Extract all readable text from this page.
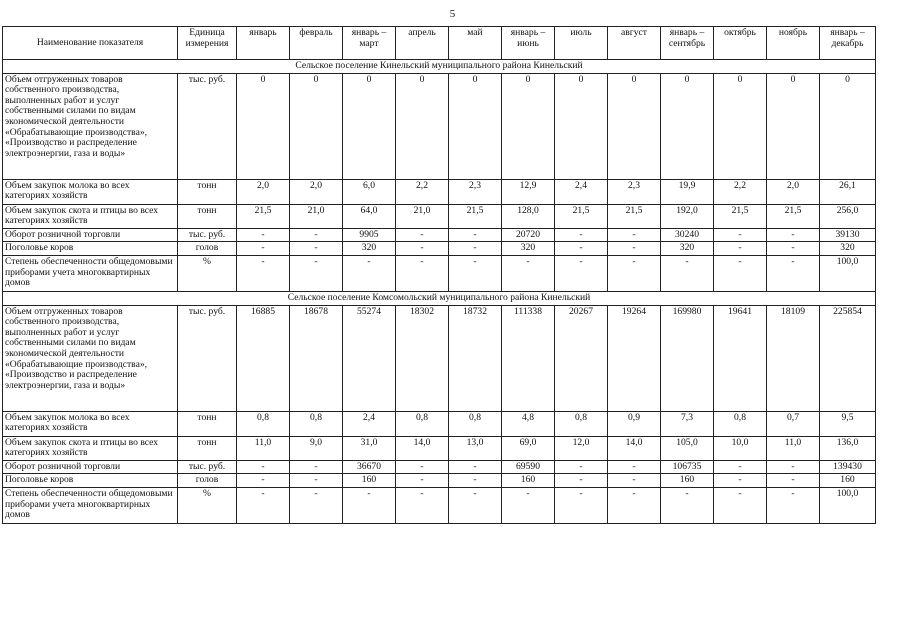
5
Наименование показателя	Единица измерения	январь	февраль	январь – март	апрель	май	январь – июнь	июль	август	январь – сентябрь	октябрь	ноябрь	январь – декабрь
Сельское поселение Кинельский муниципального района Кинельский													
Объем отгруженных товаров собственного производства, выполненных работ и услуг собственными силами по видам экономической деятельности «Обрабатывающие производства», «Производство и распределение электроэнергии, газа и воды»	тыс. руб.	0	0	0	0	0	0	0	0	0	0	0	0
Объем закупок молока во всех категориях хозяйств	тонн	2,0	2,0	6,0	2,2	2,3	12,9	2,4	2,3	19,9	2,2	2,0	26,1
Объем закупок скота и птицы во всех категориях хозяйств	тонн	21,5	21,0	64,0	21,0	21,5	128,0	21,5	21,5	192,0	21,5	21,5	256,0
Оборот розничной торговли	тыс. руб.	-	-	9905	-	-	20720	-	-	30240	-	-	39130
Поголовье коров	голов	-	-	320	-	-	320	-	-	320	-	-	320
Степень обеспеченности общедомовыми приборами учета многоквартирных домов	%	-	-	-	-	-	-	-	-	-	-	-	100,0
Сельское поселение Комсомольский муниципального района Кинельский													
Объем отгруженных товаров собственного производства, выполненных работ и услуг собственными силами по видам экономической деятельности «Обрабатывающие производства», «Производство и распределение электроэнергии, газа и воды»	тыс. руб.	16885	18678	55274	18302	18732	111338	20267	19264	169980	19641	18109	225854
Объем закупок молока во всех категориях хозяйств	тонн	0,8	0,8	2,4	0,8	0,8	4,8	0,8	0,9	7,3	0,8	0,7	9,5
Объем закупок скота и птицы во всех категориях хозяйств	тонн	11,0	9,0	31,0	14,0	13,0	69,0	12,0	14,0	105,0	10,0	11,0	136,0
Оборот розничной торговли	тыс. руб.	-	-	36670	-	-	69590	-	-	106735	-	-	139430
Поголовье коров	голов	-	-	160	-	-	160	-	-	160	-	-	160
Степень обеспеченности общедомовыми приборами учета многоквартирных домов	%	-	-	-	-	-	-	-	-	-	-	-	100,0
